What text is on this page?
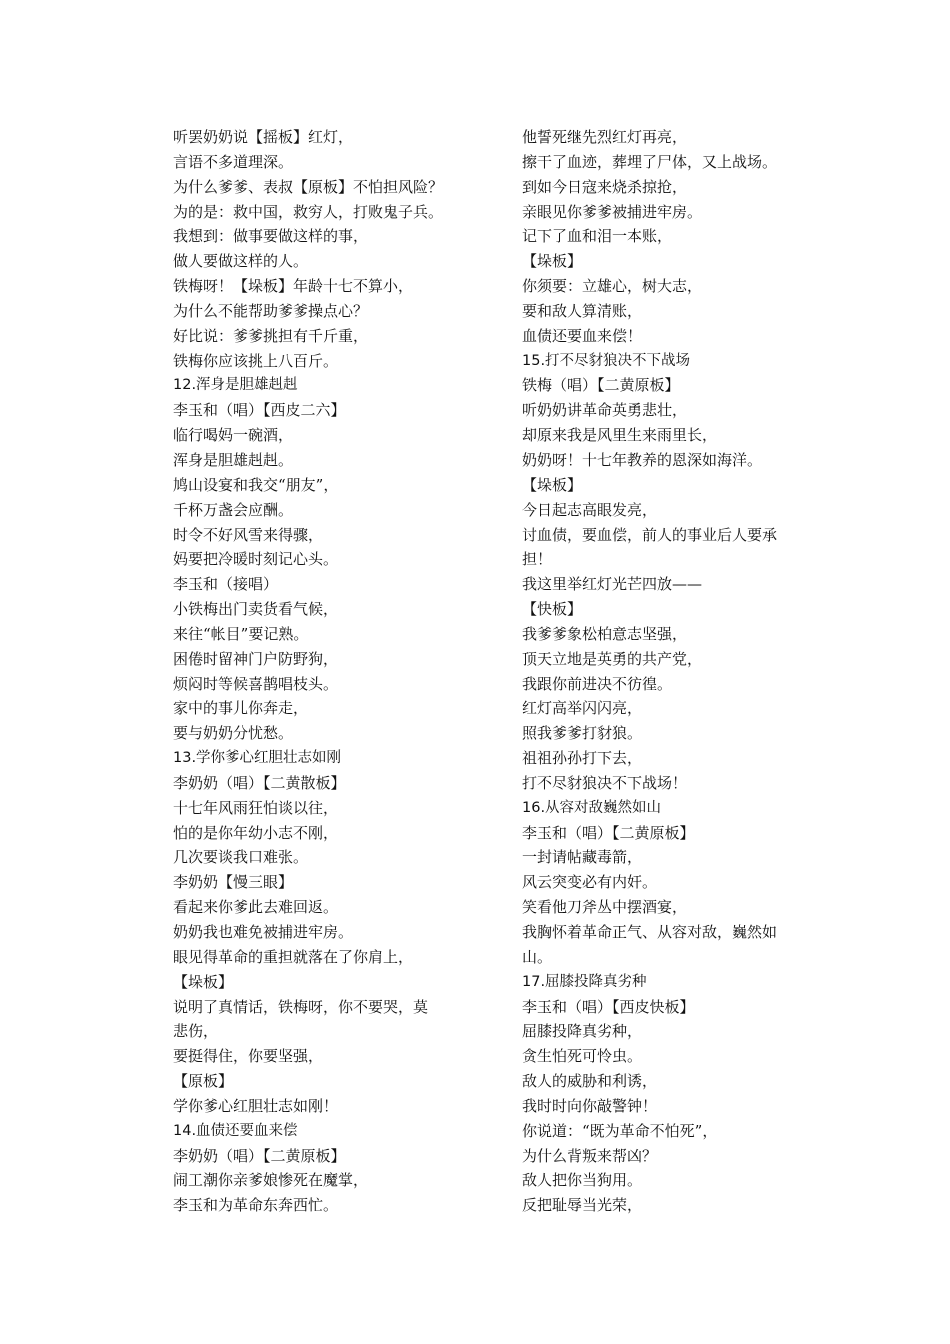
听罢奶奶说【摇板】红灯，
言语不多道理深。
为什么爹爹、表叔【原板】不怕担风险？
为的是：救中国，救穷人，打败鬼子兵。
我想到：做事要做这样的事，
做人要做这样的人。
铁梅呀！【垛板】年龄十七不算小，
为什么不能帮助爹爹操点心？
好比说：爹爹挑担有千斤重，
铁梅你应该挑上八百斤。
12.浑身是胆雄赳赳
李玉和（唱）【西皮二六】
临行喝妈一碗酒，
浑身是胆雄赳赳。
鸠山设宴和我交“朋友”，
千杯万盏会应酬。
时令不好风雪来得骤，
妈要把冷暖时刻记心头。
李玉和（接唱）
小铁梅出门卖货看气候，
来往“帐目”要记熟。
困倦时留神门户防野狗，
烦闷时等候喜鹊唱枝头。
家中的事儿你奔走，
要与奶奶分忧愁。
13.学你爹心红胆壮志如刚
李奶奶（唱）【二黄散板】
十七年风雨狂怕谈以往，
怕的是你年幼小志不刚，
几次要谈我口难张。
李奶奶【慢三眼】
看起来你爹此去难回返。
奶奶我也难免被捕进牢房。
眼见得革命的重担就落在了你肩上，
【垛板】
说明了真情话，铁梅呀，你不要哭，莫
悲伤，
要挺得住，你要坚强，
【原板】
学你爹心红胆壮志如刚！
14.血债还要血来偿
李奶奶（唱）【二黄原板】
闹工潮你亲爹娘惨死在魔掌，
李玉和为革命东奔西忙。
他誓死继先烈红灯再亮，
擦干了血迹，葬埋了尸体，又上战场。
到如今日寇来烧杀掠抢，
亲眼见你爹爹被捕进牢房。
记下了血和泪一本账，
【垛板】
你须要：立雄心，树大志，
要和敌人算清账，
血债还要血来偿！
15.打不尽豺狼决不下战场
铁梅（唱）【二黄原板】
听奶奶讲革命英勇悲壮，
却原来我是风里生来雨里长，
奶奶呀！十七年教养的恩深如海洋。
【垛板】
今日起志高眼发亮，
讨血债，要血偿，前人的事业后人要承
担！
我这里举红灯光芒四放——
【快板】
我爹爹象松柏意志坚强，
顶天立地是英勇的共产党，
我跟你前进决不彷徨。
红灯高举闪闪亮，
照我爹爹打豺狼。
祖祖孙孙打下去，
打不尽豺狼决不下战场！
16.从容对敌巍然如山
李玉和（唱）【二黄原板】
一封请帖藏毒箭，
风云突变必有内奸。
笑看他刀斧丛中摆酒宴，
我胸怀着革命正气、从容对敌，巍然如
山。
17.屈膝投降真劣种
李玉和（唱）【西皮快板】
屈膝投降真劣种，
贪生怕死可怜虫。
敌人的威胁和利诱，
我时时向你敲警钟！
你说道：“既为革命不怕死”，
为什么背叛来帮凶？
敌人把你当狗用。
反把耻辱当光荣，
